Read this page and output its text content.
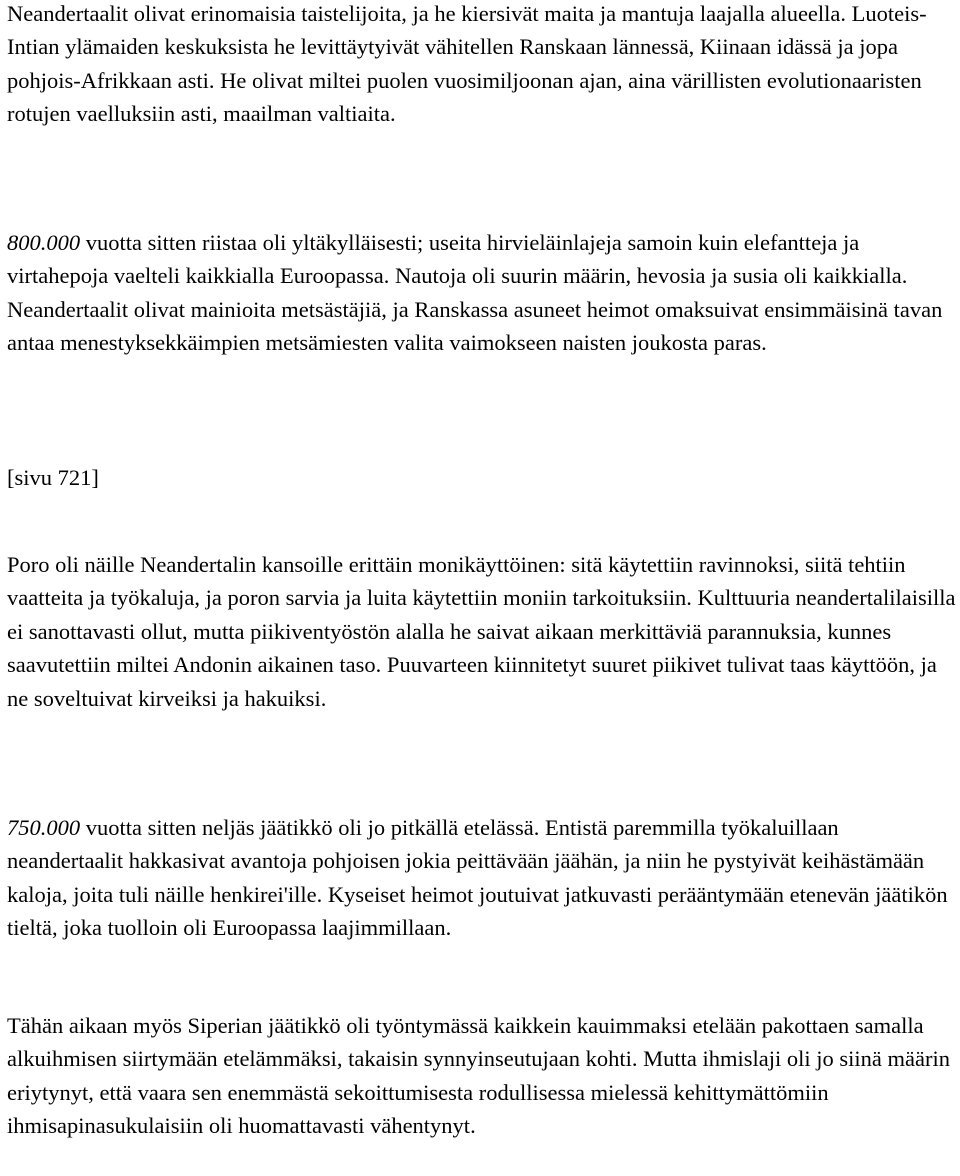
Neandertaalit olivat erinomaisia taistelijoita, ja he kiersivät maita ja mantuja laajalla alueella. Luoteis-Intian ylämaiden keskuksista he levittäytyivät vähitellen Ranskaan lännessä, Kiinaan idässä ja jopa pohjois-Afrikkaan asti. He olivat miltei puolen vuosimiljoonan ajan, aina värillisten evolutionaaristen rotujen vaelluksiin asti, maailman valtiaita.

800.000 vuotta sitten riistaa oli yltäkylläisesti; useita hirvieläinlajeja samoin kuin elefantteja ja virtahepoja vaelteli kaikkialla Euroopassa. Nautoja oli suurin määrin, hevosia ja susia oli kaikkialla. Neandertaalit olivat mainioita metsästäjiä, ja Ranskassa asuneet heimot omaksuivat ensimmäisinä tavan antaa menestyksekkäimpien metsämiesten valita vaimokseen naisten joukosta paras.

[sivu 721]

Poro oli näille Neandertalin kansoille erittäin monikäyttöinen: sitä käytettiin ravinnoksi, siitä tehtiin vaatteita ja työkaluja, ja poron sarvia ja luita käytettiin moniin tarkoituksiin. Kulttuuria neandertalilaisilla ei sanottavasti ollut, mutta piikiventyöstön alalla he saivat aikaan merkittäviä parannuksia, kunnes saavutettiin miltei Andonin aikainen taso. Puuvarteen kiinnitetyt suuret piikivet tulivat taas käyttöön, ja ne soveltuivat kirveiksi ja hakuiksi.

750.000 vuotta sitten neljäs jäätikkö oli jo pitkällä etelässä. Entistä paremmilla työkaluillaan neandertaalit hakkasivat avantoja pohjoisen jokia peittävään jäähän, ja niin he pystyivät keihästämään kaloja, joita tuli näille henkirei'ille. Kyseiset heimot joutuivat jatkuvasti perääntymään etenevän jäätikön tieltä, joka tuolloin oli Euroopassa laajimmillaan.

Tähän aikaan myös Siperian jäätikkö oli työntymässä kaikkein kauimmaksi etelään pakottaen samalla alkuihmisen siirtymään etelämmäksi, takaisin synnyinseutujaan kohti. Mutta ihmislaji oli jo siinä määrin eriytynyt, että vaara sen enemmästä sekoittumisesta rodullisessa mielessä kehittymättömiin ihmisapinasukulaisiin oli huomattavasti vähentynyt.
